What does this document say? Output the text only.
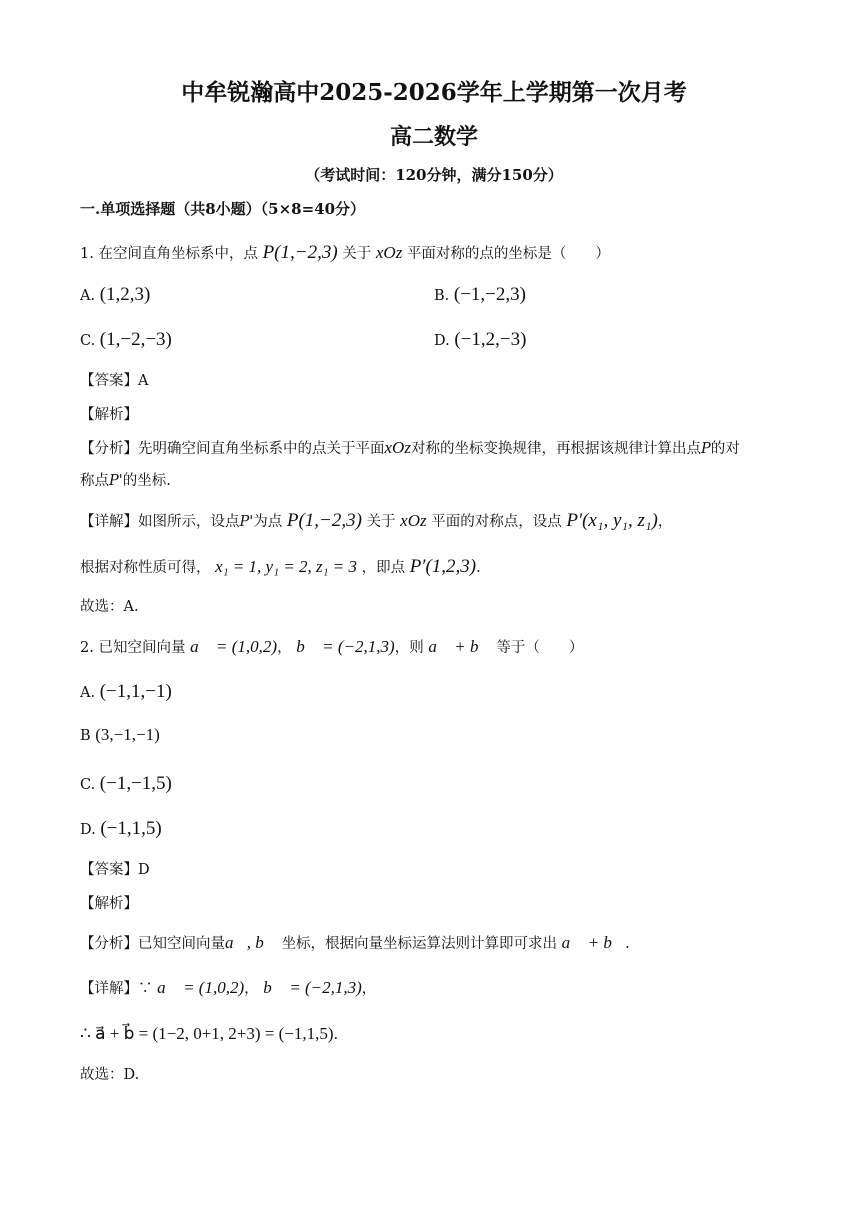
中牟锐瀚高中2025-2026学年上学期第一次月考
高二数学
（考试时间：120分钟，满分150分）
一.单项选择题（共8小题）（5×8=40分）
1. 在空间直角坐标系中，点 P(1,−2,3) 关于 xOz 平面对称的点的坐标是（　　）
A. (1,2,3)	B. (−1,−2,3)
C. (1,−2,−3)	D. (−1,2,−3)
【答案】A
【解析】
【分析】先明确空间直角坐标系中的点关于平面xOz对称的坐标变换规律，再根据该规律计算出点P的对
称点P'的坐标.
【详解】如图所示，设点P'为点 P(1,−2,3) 关于 xOz 平面的对称点，设点 P′(x₁, y₁, z₁)，
根据对称性质可得， x₁ = 1, y₁ = 2, z₁ = 3 ，即点 P′(1,2,3).
故选：A.
2. 已知空间向量 a⃗ = (1,0,2)， b⃗ = (−2,1,3)，则 a⃗ + b⃗ 等于（　　）
A. (−1,1,−1)
B (3,−1,−1)
C. (−1,−1,5)
D. (−1,1,5)
【答案】D
【解析】
【分析】已知空间向量a⃗, b⃗ 坐标，根据向量坐标运算法则计算即可求出 a⃗ + b⃗.
【详解】∵ a⃗ = (1,0,2)， b⃗ = (−2,1,3)，
∴ a⃗ + b⃗ = (1−2, 0+1, 2+3) = (−1,1,5).
故选：D.
